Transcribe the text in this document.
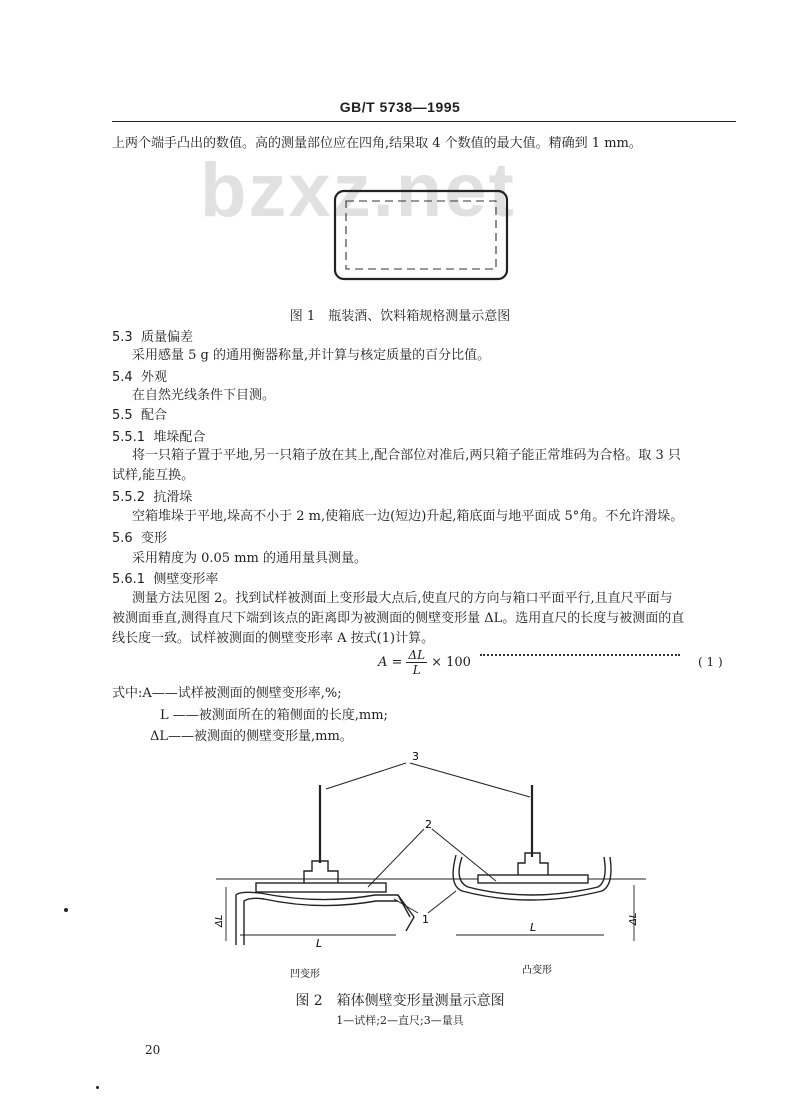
GB/T 5738—1995
bzxz.net
上两个端手凸出的数值。高的测量部位应在四角,结果取 4 个数值的最大值。精确到 1 mm。
图 1　瓶装酒、饮料箱规格测量示意图
5.3 质量偏差
采用感量 5 g 的通用衡器称量,并计算与核定质量的百分比值。
5.4 外观
在自然光线条件下目测。
5.5 配合
5.5.1 堆垛配合
将一只箱子置于平地,另一只箱子放在其上,配合部位对准后,两只箱子能正常堆码为合格。取 3 只
试样,能互换。
5.5.2 抗滑垛
空箱堆垛于平地,垛高不小于 2 m,使箱底一边(短边)升起,箱底面与地平面成 5°角。不允许滑垛。
5.6 变形
采用精度为 0.05 mm 的通用量具测量。
5.6.1 侧壁变形率
测量方法见图 2。找到试样被测面上变形最大点后,使直尺的方向与箱口平面平行,且直尺平面与
被测面垂直,测得直尺下端到该点的距离即为被测面的侧壁变形量 ΔL。选用直尺的长度与被测面的直
线长度一致。试样被测面的侧壁变形率 A 按式(1)计算。
$A = \frac{\Delta L}{L} \times 100$	( 1 )
式中:A——试样被测面的侧壁变形率,%;
L ——被测面所在的箱侧面的长度,mm;
ΔL——被测面的侧壁变形量,mm。
3
2
1
L
L
ΔL	ΔL
凹变形	凸变形
图 2　箱体侧壁变形量测量示意图
1—试样;2—直尺;3—量具
20
